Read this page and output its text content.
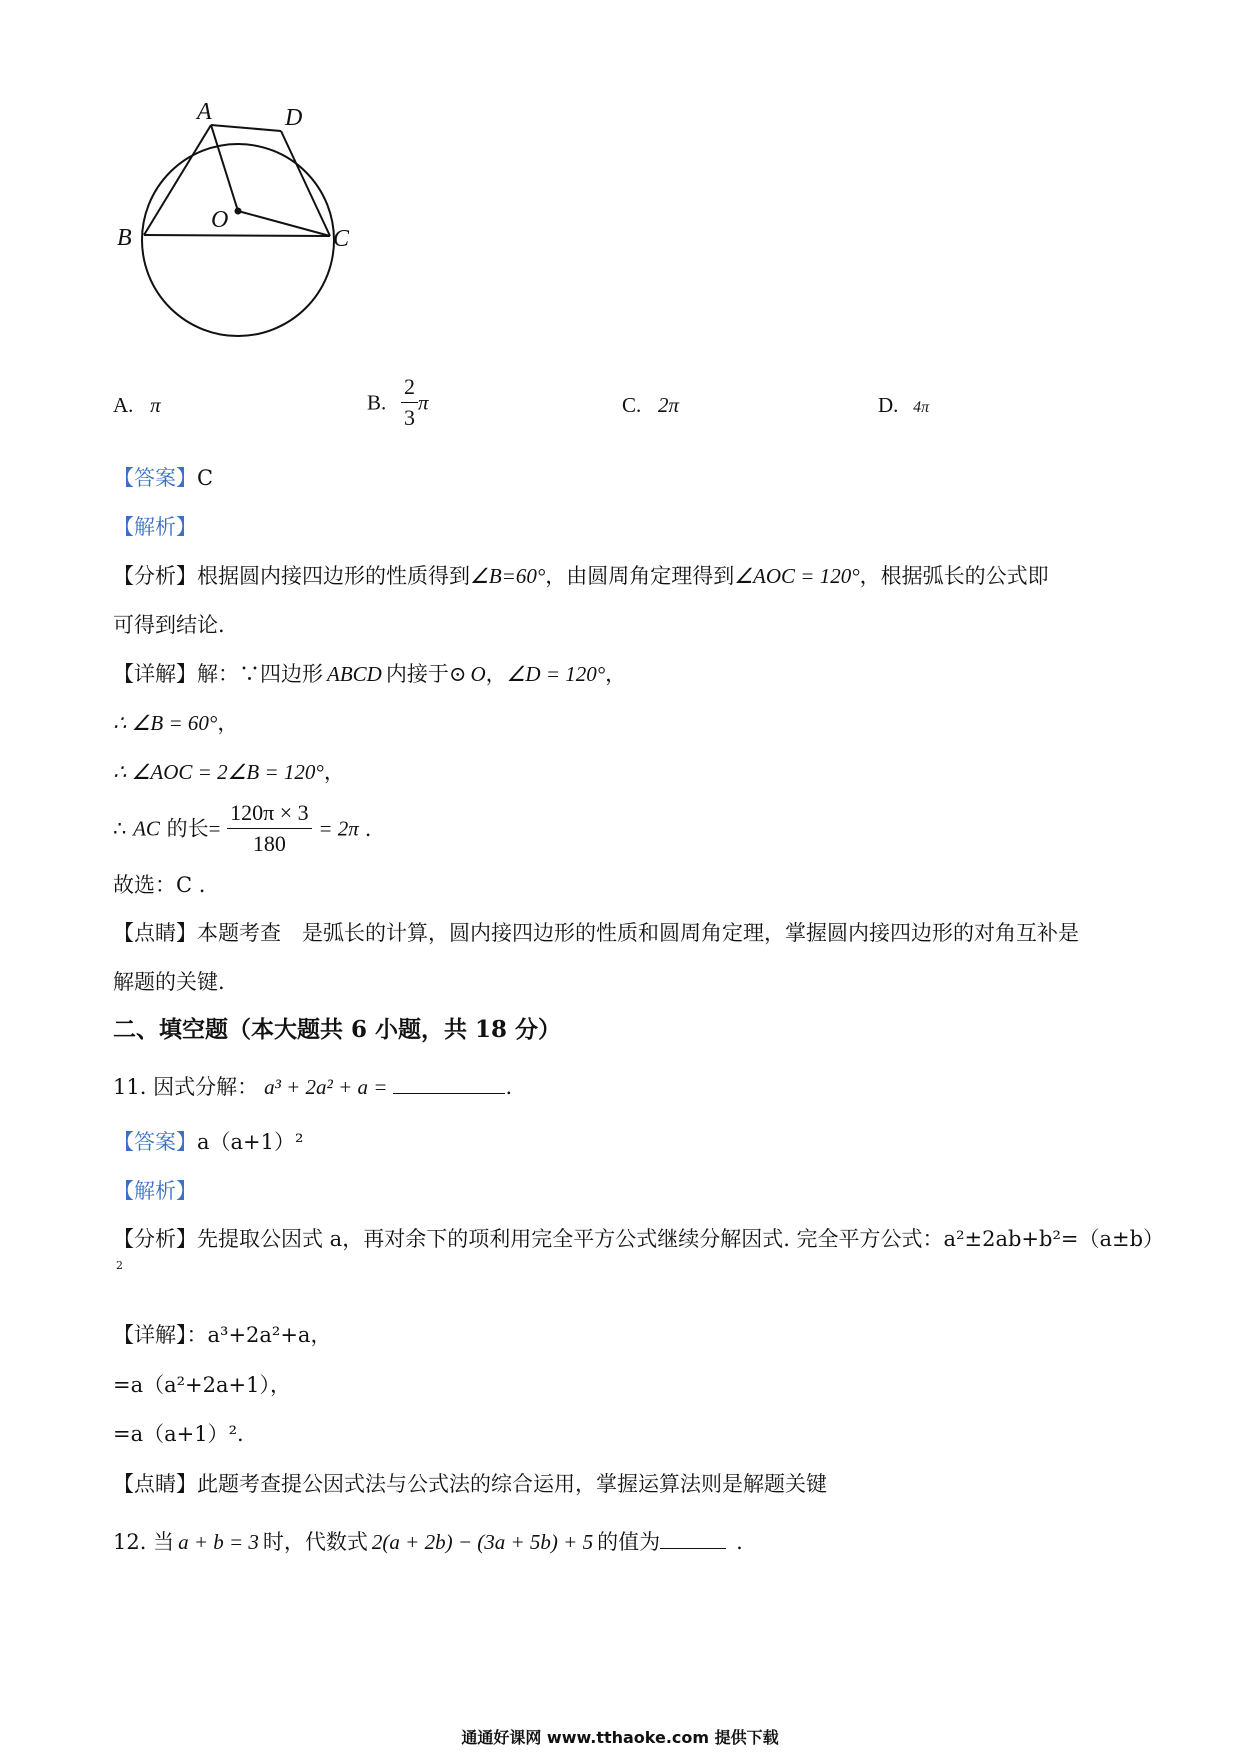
A	D
O
B	C
A. π	B. $\frac{2}{3}$ π	C. 2π	D. 4π
【答案】C
【解析】
【分析】根据圆内接四边形的性质得到∠B=60°，由圆周角定理得到∠AOC = 120°，根据弧长的公式即
可得到结论.
【详解】解：∵四边形 ABCD 内接于⊙ O，∠D = 120°，
∴ ∠B = 60°，
∴ ∠AOC = 2∠B = 120°，
∴ AC 的长= $\frac{120\pi \times 3}{180} = 2\pi$ .
故选：C .
【点睛】本题考查　是弧长的计算，圆内接四边形的性质和圆周角定理，掌握圆内接四边形的对角互补是
解题的关键.
二、填空题（本大题共 6 小题，共 18 分）
11. 因式分解： a³ + 2a² + a =	.
【答案】a（a+1）²
【解析】
【分析】先提取公因式 a，再对余下的项利用完全平方公式继续分解因式. 完全平方公式：a²±2ab+b²=（a±b）
2
【详解】：a³+2a²+a，
=a（a²+2a+1），
=a（a+1）².
【点睛】此题考查提公因式法与公式法的综合运用，掌握运算法则是解题关键
12. 当 a + b = 3 时，代数式 2(a + 2b) − (3a + 5b) + 5 的值为	.
通通好课网 www.tthaoke.com 提供下载
